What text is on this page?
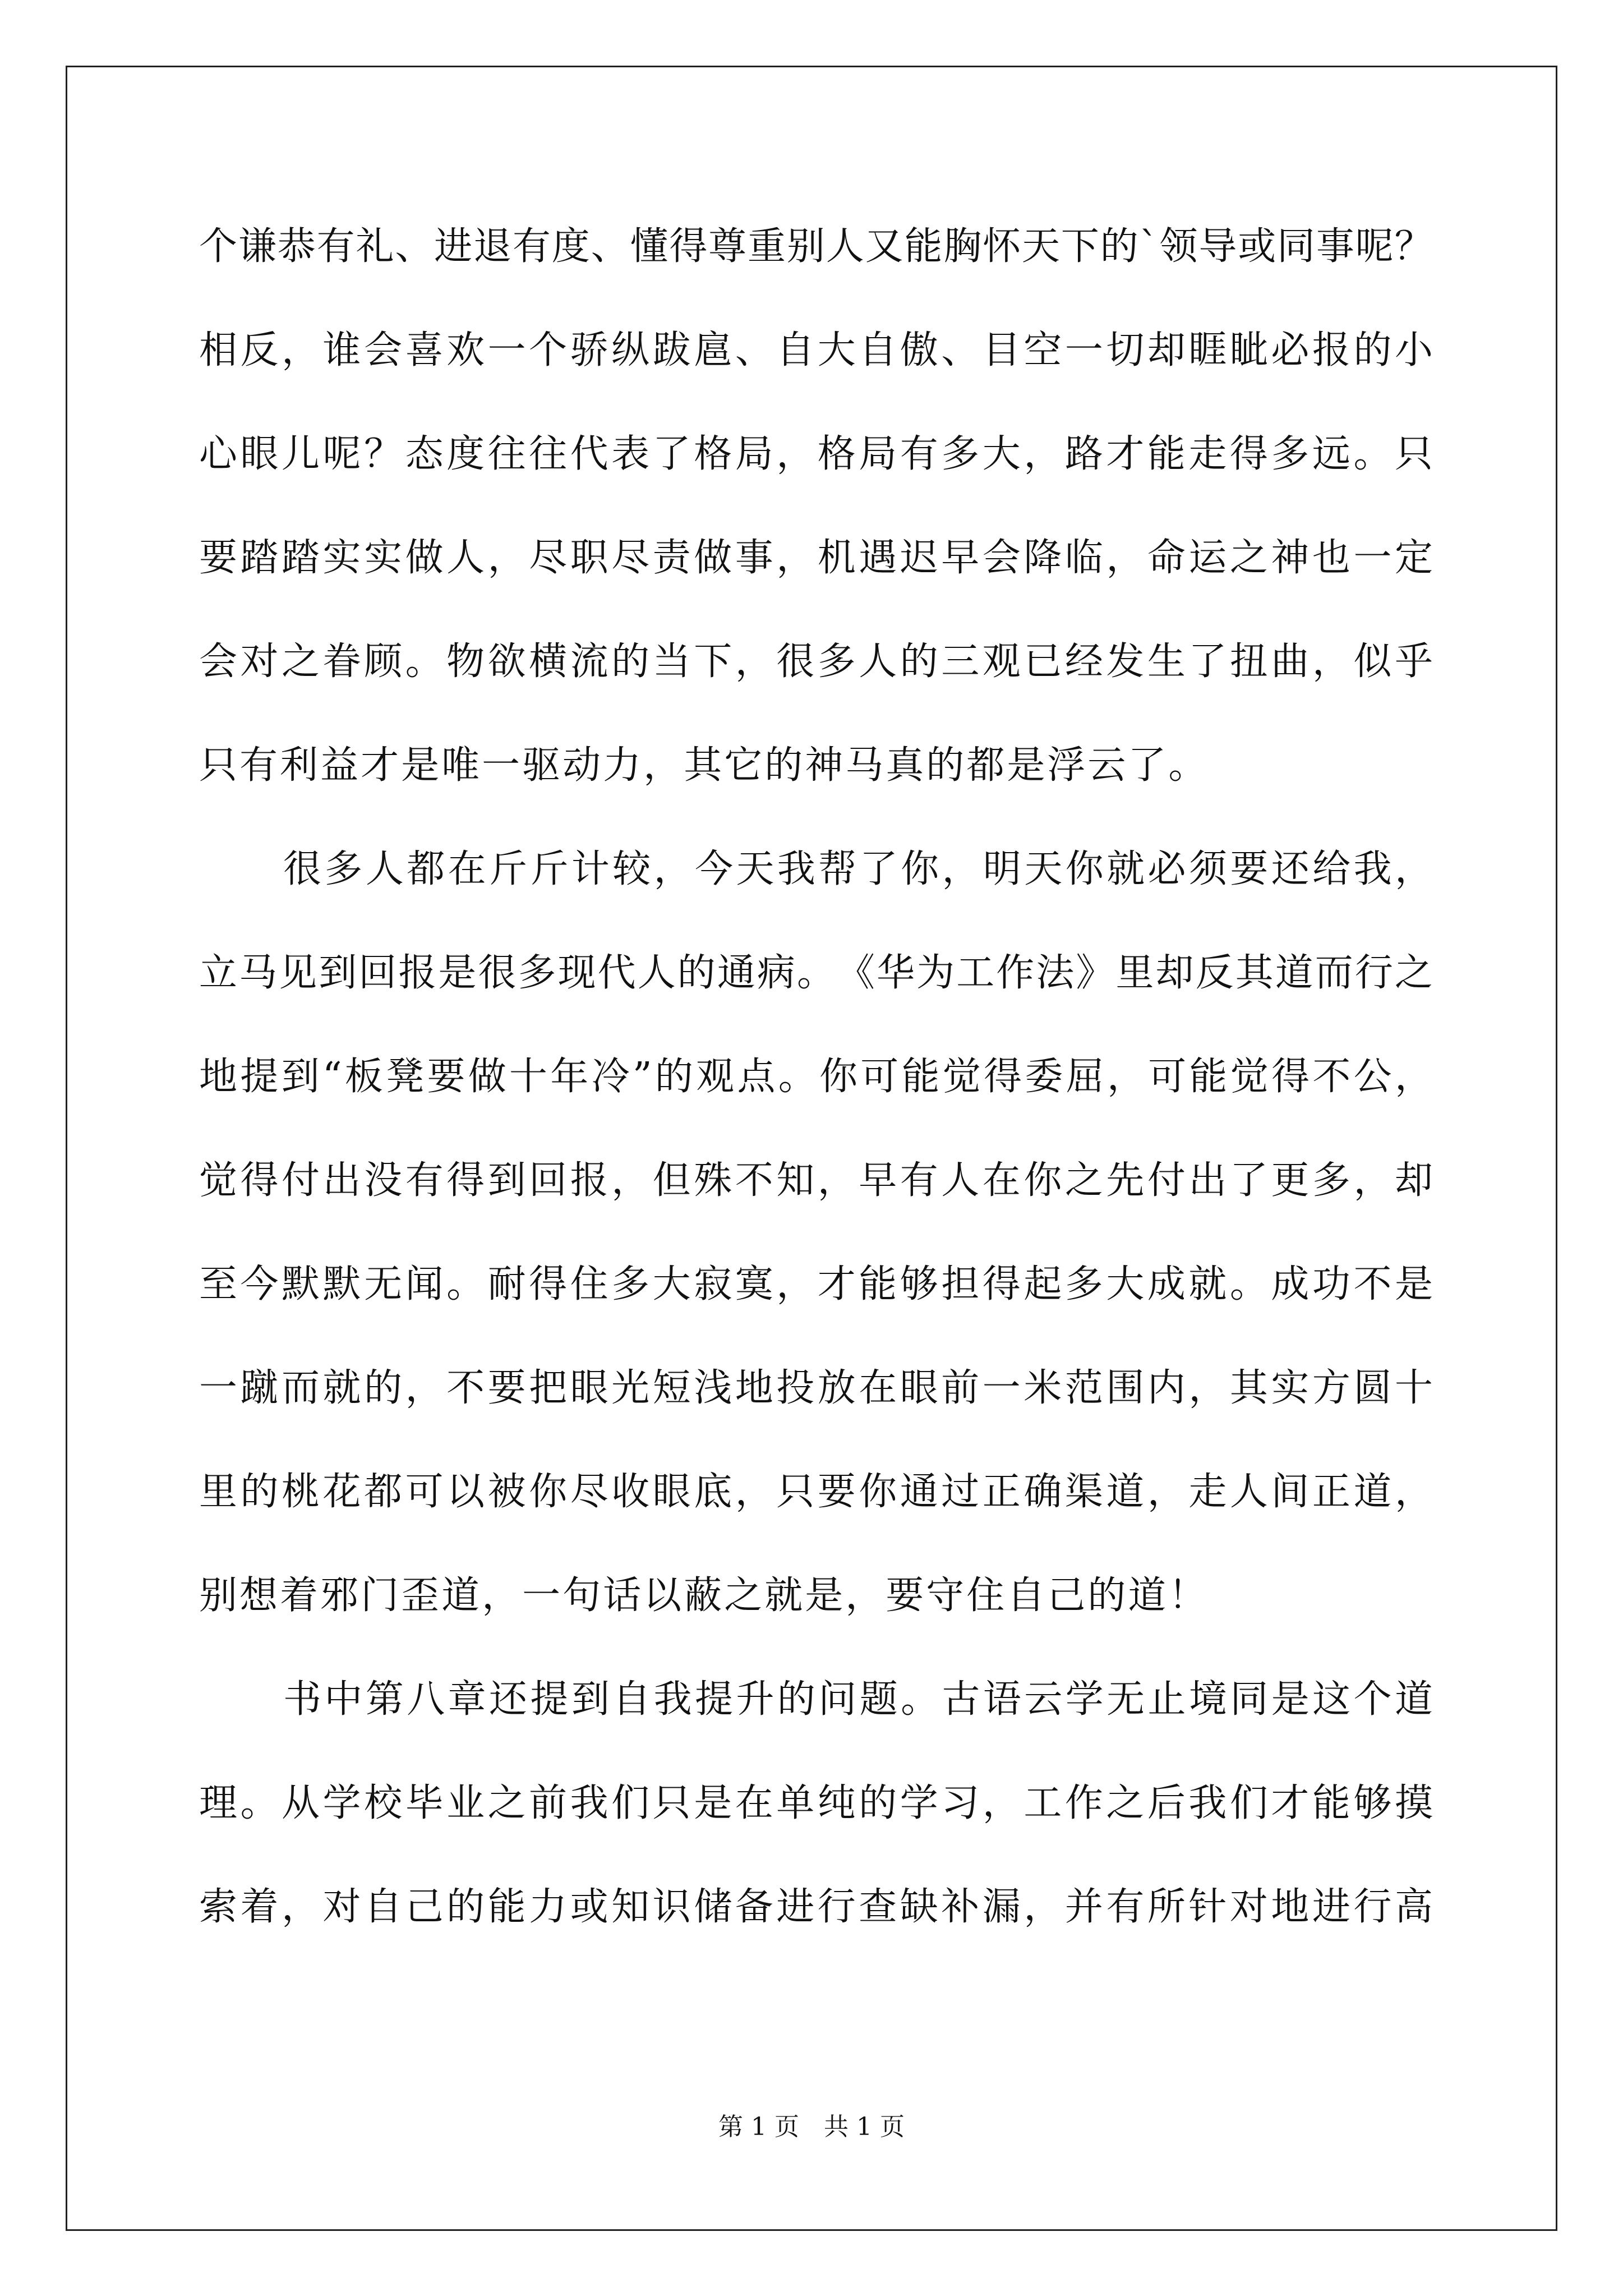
个 谦 恭 有 礼 、 进 退 有 度 、 懂 得 尊 重 别 人 又 能 胸 怀 天 下 的 ` 领 导 或 同 事 呢 ？
相 反 ， 谁 会 喜 欢 一 个 骄 纵 跋 扈 、 自 大 自 傲 、 目 空 一 切 却 睚 眦 必 报 的 小
心 眼 儿 呢 ？ 态 度 往 往 代 表 了 格 局 ， 格 局 有 多 大 ， 路 才 能 走 得 多 远 。 只
要 踏 踏 实 实 做 人 ， 尽 职 尽 责 做 事 ， 机 遇 迟 早 会 降 临 ， 命 运 之 神 也 一 定
会 对 之 眷 顾 。 物 欲 横 流 的 当 下 ， 很 多 人 的 三 观 已 经 发 生 了 扭 曲 ， 似 乎
只 有 利 益 才 是 唯 一 驱 动 力 ， 其 它 的 神 马 真 的 都 是 浮 云 了 。
很 多 人 都 在 斤 斤 计 较 ， 今 天 我 帮 了 你 ， 明 天 你 就 必 须 要 还 给 我 ，
立 马 见 到 回 报 是 很 多 现 代 人 的 通 病 。 《 华 为 工 作 法 》 里 却 反 其 道 而 行 之
地 提 到 “ 板 凳 要 做 十 年 冷 ” 的 观 点 。 你 可 能 觉 得 委 屈 ， 可 能 觉 得 不 公 ，
觉 得 付 出 没 有 得 到 回 报 ， 但 殊 不 知 ， 早 有 人 在 你 之 先 付 出 了 更 多 ， 却
至 今 默 默 无 闻 。 耐 得 住 多 大 寂 寞 ， 才 能 够 担 得 起 多 大 成 就 。 成 功 不 是
一 蹴 而 就 的 ， 不 要 把 眼 光 短 浅 地 投 放 在 眼 前 一 米 范 围 内 ， 其 实 方 圆 十
里 的 桃 花 都 可 以 被 你 尽 收 眼 底 ， 只 要 你 通 过 正 确 渠 道 ， 走 人 间 正 道 ，
别 想 着 邪 门 歪 道 ， 一 句 话 以 蔽 之 就 是 ， 要 守 住 自 己 的 道 ！
书 中 第 八 章 还 提 到 自 我 提 升 的 问 题 。 古 语 云 学 无 止 境 同 是 这 个 道
理 。 从 学 校 毕 业 之 前 我 们 只 是 在 单 纯 的 学 习 ， 工 作 之 后 我 们 才 能 够 摸
索 着 ， 对 自 己 的 能 力 或 知 识 储 备 进 行 查 缺 补 漏 ， 并 有 所 针 对 地 进 行 高
第 1 页　共 1 页
